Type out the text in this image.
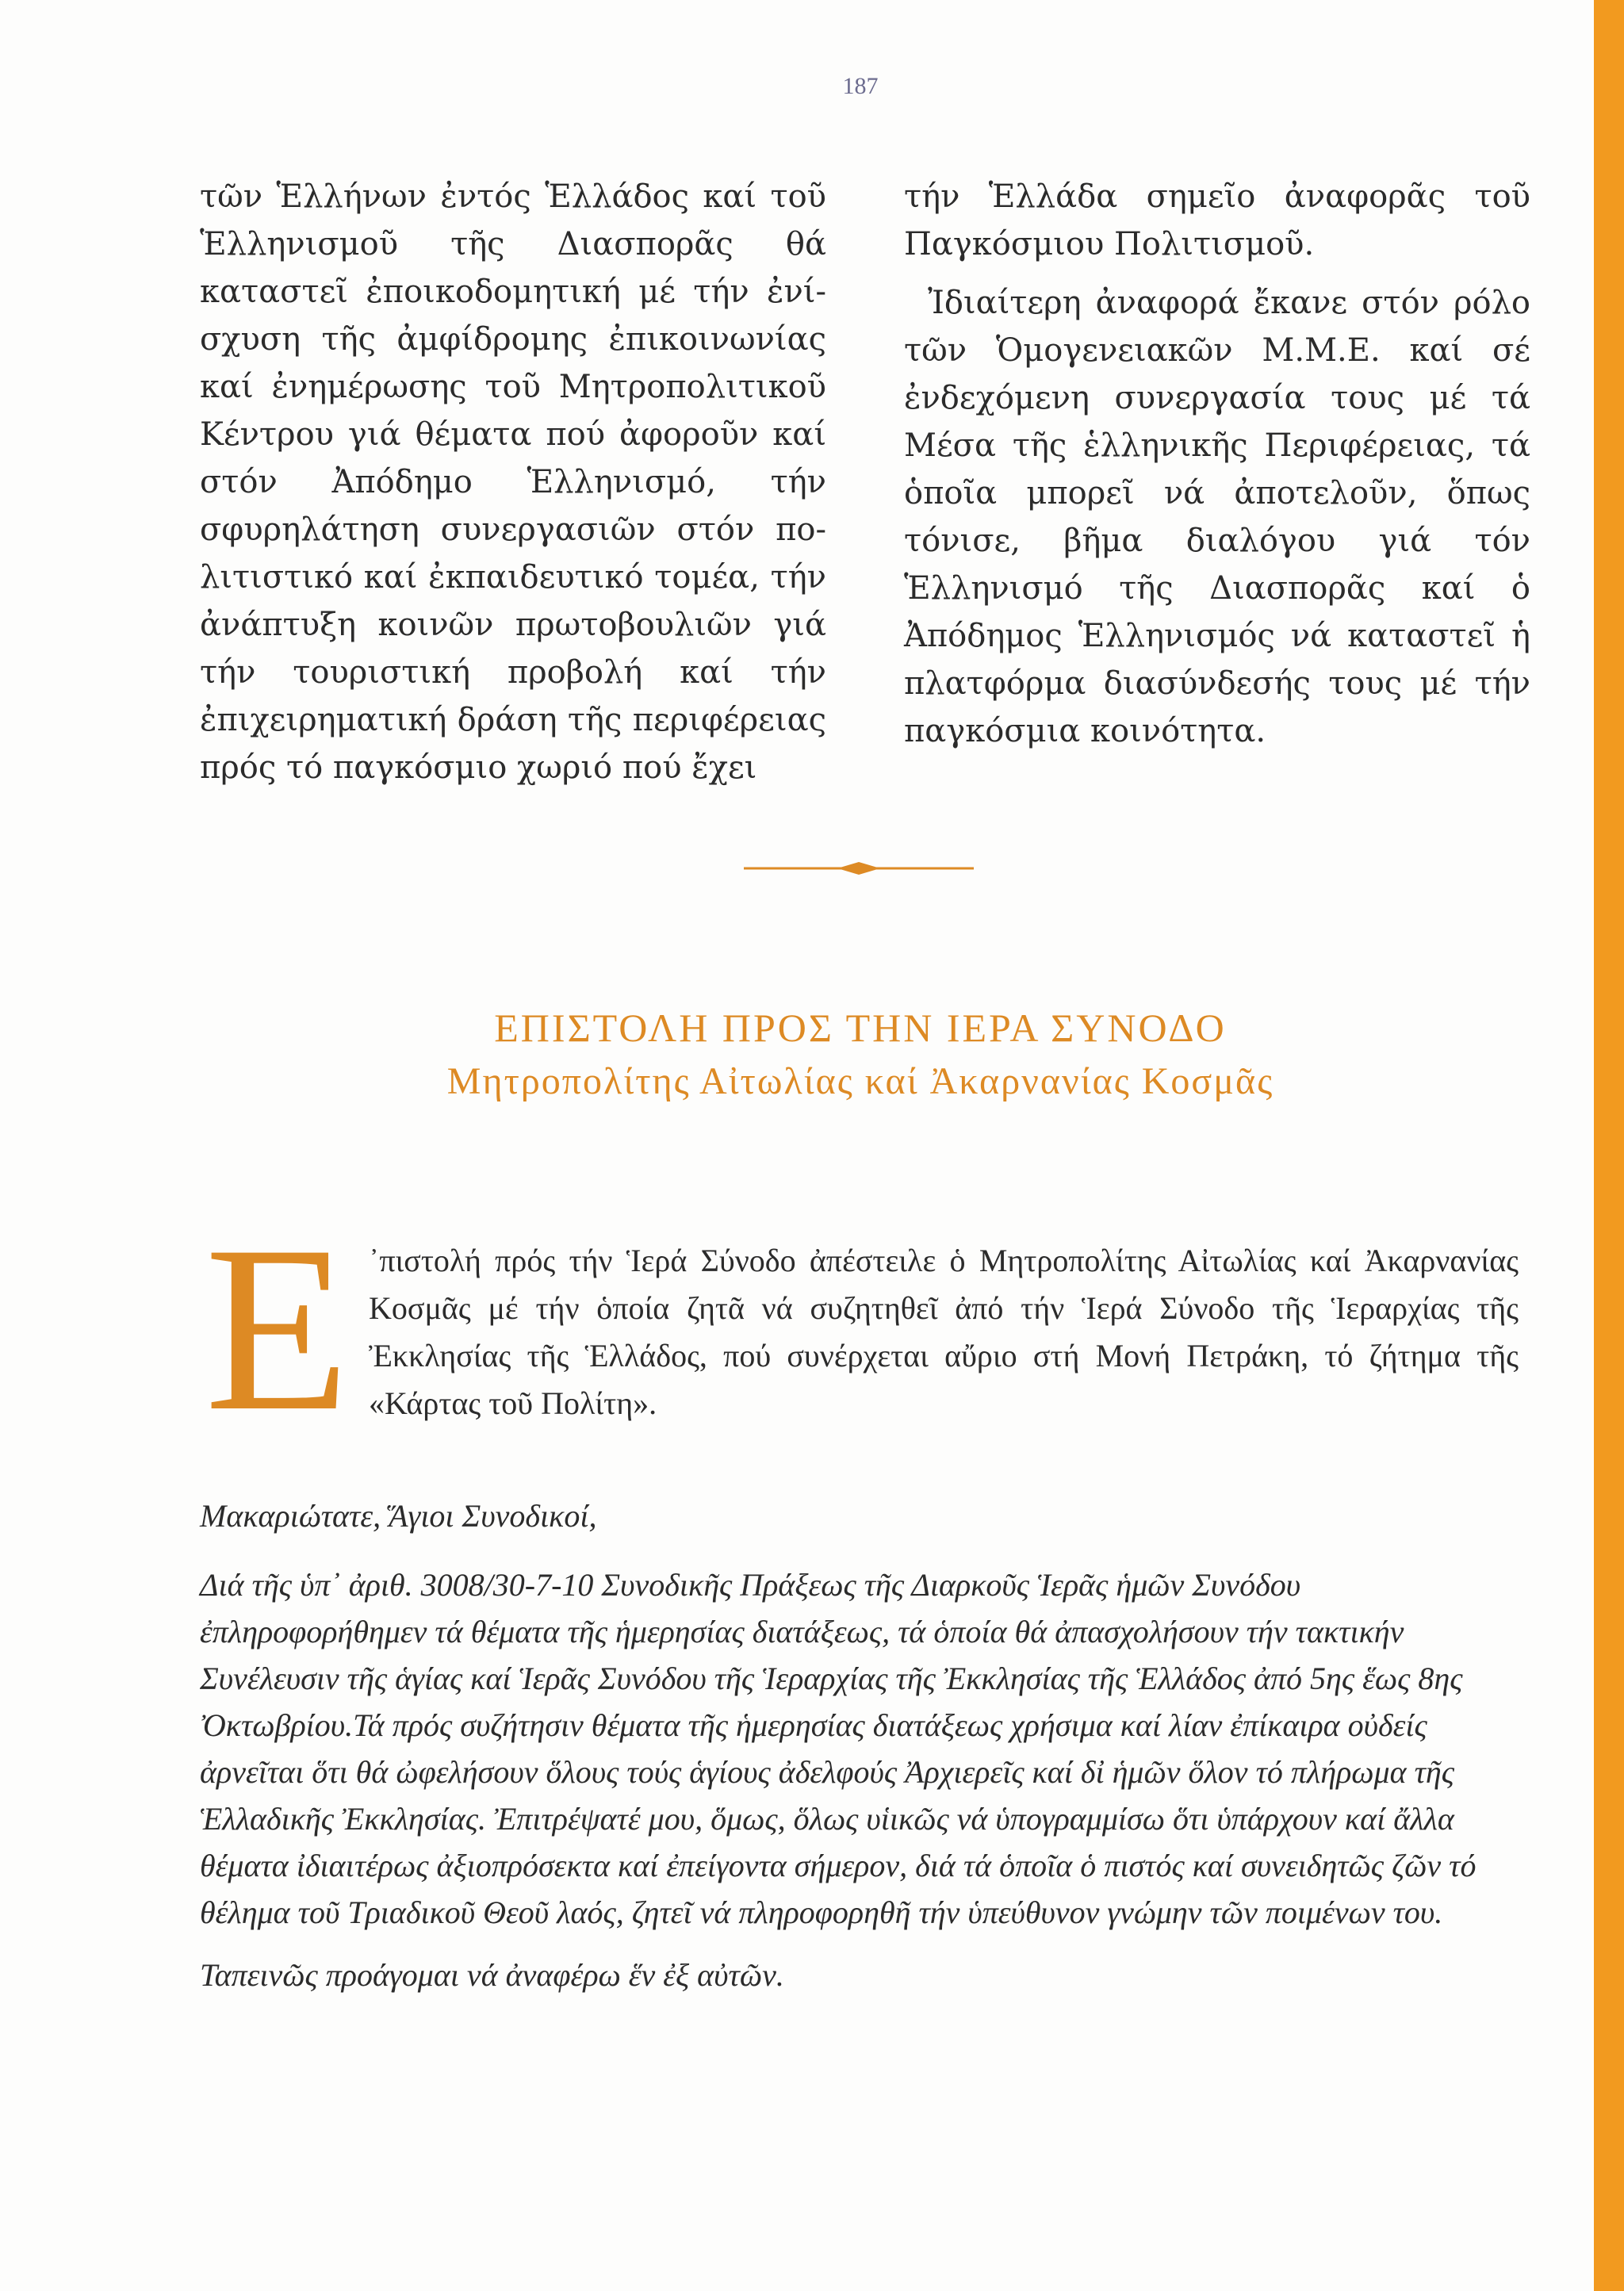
187

τῶν Ἑλλήνων ἐντός Ἑλλάδος καί τοῦ Ἑλληνισμοῦ τῆς Διασπορᾶς θά καταστεῖ ἐποικοδομητική μέ τήν ἐνίσχυση τῆς ἀμφίδρομης ἐπικοινωνίας καί ἐνημέρωσης τοῦ Μητροπολιτικοῦ Κέντρου γιά θέματα πού ἀφοροῦν καί στόν Ἀπόδημο Ἑλληνισμό, τήν σφυρηλάτηση συνεργασιῶν στόν πολιτιστικό καί ἐκπαιδευτικό τομέα, τήν ἀνάπτυξη κοινῶν πρωτοβουλιῶν γιά τήν τουριστική προβολή καί τήν ἐπιχειρηματική δράση τῆς περιφέρειας πρός τό παγκόσμιο χωριό πού ἔχει

τήν Ἑλλάδα σημεῖο ἀναφορᾶς τοῦ Παγκόσμιου Πολιτισμοῦ.

Ἰδιαίτερη ἀναφορά ἔκανε στόν ρόλο τῶν Ὁμογενειακῶν Μ.Μ.Ε. καί σέ ἐνδεχόμενη συνεργασία τους μέ τά Μέσα τῆς ἑλληνικῆς Περιφέρειας, τά ὁποῖα μπορεῖ νά ἀποτελοῦν, ὅπως τόνισε, βῆμα διαλόγου γιά τόν Ἑλληνισμό τῆς Διασπορᾶς καί ὁ Ἀπόδημος Ἑλληνισμός νά καταστεῖ ἡ πλατφόρμα διασύνδεσής τους μέ τήν παγκόσμια κοινότητα.

ΕΠΙΣΤΟΛΗ ΠΡΟΣ ΤΗΝ ΙΕΡΑ ΣΥΝΟΔΟ
Μητροπολίτης Αἰτωλίας καί Ἀκαρνανίας Κοσμᾶς
Ε ᾿πιστολή πρός τήν Ἱερά Σύνοδο ἀπέστειλε ὁ Μητροπολίτης Αἰτωλίας καί Ἀκαρνανίας Κοσμᾶς μέ τήν ὁποία ζητᾶ νά συζητηθεῖ ἀπό τήν Ἱερά Σύνοδο τῆς Ἱεραρχίας τῆς Ἐκκλησίας τῆς Ἑλλάδος, πού συνέρχεται αὔριο στή Μονή Πετράκη, τό ζήτημα τῆς «Κάρτας τοῦ Πολίτη».

Μακαριώτατε, Ἅγιοι Συνοδικοί,

Διά τῆς ὑπ᾿ ἀριθ. 3008/30-7-10 Συνοδικῆς Πράξεως τῆς Διαρκοῦς Ἱερᾶς ἡμῶν Συνόδου ἐπληροφορήθημεν τά θέματα τῆς ἡμερησίας διατάξεως, τά ὁποία θά ἀπασχολήσουν τήν τακτικήν Συνέλευσιν τῆς ἁγίας καί Ἱερᾶς Συνόδου τῆς Ἱεραρχίας τῆς Ἐκκλησίας τῆς Ἑλλάδος ἀπό 5ης ἕως 8ης Ὀκτωβρίου.Τά πρός συζήτησιν θέματα τῆς ἡμερησίας διατάξεως χρήσιμα καί λίαν ἐπίκαιρα οὐδείς ἀρνεῖται ὅτι θά ὠφελήσουν ὅλους τούς ἁγίους ἀδελφούς Ἀρχιερεῖς καί δἰ ἡμῶν ὅλον τό πλήρωμα τῆς Ἑλλαδικῆς Ἐκκλησίας. Ἐπιτρέψατέ μου, ὅμως, ὅλως υἱικῶς νά ὑπογραμμίσω ὅτι ὑπάρχουν καί ἄλλα θέματα ἰδιαιτέρως ἀξιοπρόσεκτα καί ἐπείγοντα σήμερον, διά τά ὁποῖα ὁ πιστός καί συνειδητῶς ζῶν τό θέλημα τοῦ Τριαδικοῦ Θεοῦ λαός, ζητεῖ νά πληροφορηθῆ τήν ὑπεύθυνον γνώμην τῶν ποιμένων του.

Ταπεινῶς προάγομαι νά ἀναφέρω ἕν ἐξ αὐτῶν.
